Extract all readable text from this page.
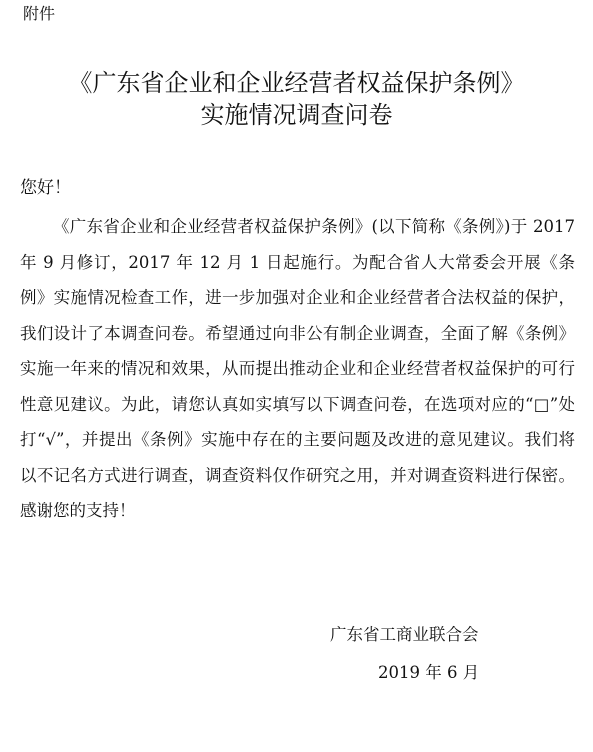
附件
《广东省企业和企业经营者权益保护条例》
实施情况调查问卷
您好！

《广东省企业和企业经营者权益保护条例》(以下简称《条例》)于 2017 年 9 月修订，2017 年 12 月 1 日起施行。为配合省人大常委会开展《条例》实施情况检查工作，进一步加强对企业和企业经营者合法权益的保护，我们设计了本调查问卷。希望通过向非公有制企业调查，全面了解《条例》实施一年来的情况和效果，从而提出推动企业和企业经营者权益保护的可行性意见建议。为此，请您认真如实填写以下调查问卷，在选项对应的“□”处打“√”，并提出《条例》实施中存在的主要问题及改进的意见建议。我们将以不记名方式进行调查，调查资料仅作研究之用，并对调查资料进行保密。感谢您的支持！

广东省工商业联合会
2019 年 6 月
